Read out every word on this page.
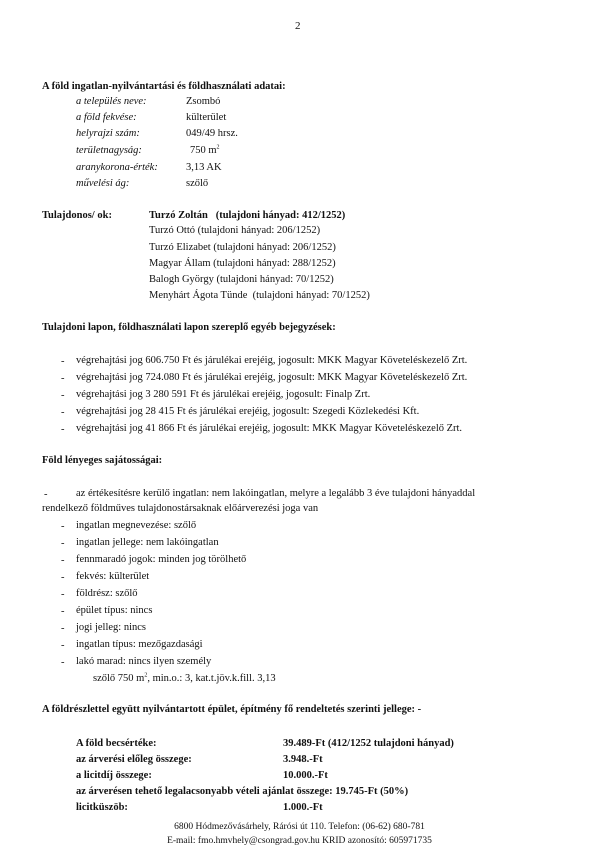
2
A föld ingatlan-nyilvántartási és földhasználati adatai:
a település neve:	Zsombó
a föld fekvése:	külterület
helyrajzi szám:	049/49 hrsz.
területnagyság:	750 $m^2$
aranykorona-érték:	3,13 AK
művelési ág:	szőlő
Tulajdonos/ ok:	Turzó Zoltán   (tulajdoni hányad: 412/1252)
Turzó Ottó (tulajdoni hányad: 206/1252)
Turzó Elizabet (tulajdoni hányad: 206/1252)
Magyar Állam (tulajdoni hányad: 288/1252)
Balogh György (tulajdoni hányad: 70/1252)
Menyhárt Ágota Tünde  (tulajdoni hányad: 70/1252)
Tulajdoni lapon, földhasználati lapon szereplő egyéb bejegyzések:
- végrehajtási jog 606.750 Ft és járulékai erejéig, jogosult: MKK Magyar Követeléskezelő Zrt.
- végrehajtási jog 724.080 Ft és járulékai erejéig, jogosult: MKK Magyar Követeléskezelő Zrt.
- végrehajtási jog 3 280 591 Ft és járulékai erejéig, jogosult: Finalp Zrt.
- végrehajtási jog 28 415 Ft és járulékai erejéig, jogosult: Szegedi Közlekedési Kft.
- végrehajtási jog 41 866 Ft és járulékai erejéig, jogosult: MKK Magyar Követeléskezelő Zrt.
Föld lényeges sajátosságai:
-	az értékesítésre kerülő ingatlan: nem lakóingatlan, melyre a legalább 3 éve tulajdoni hányaddal
rendelkező földműves tulajdonostársaknak előárverezési joga van
- ingatlan megnevezése: szőlő
- ingatlan jellege: nem lakóingatlan
- fennmaradó jogok: minden jog törölhető
- fekvés: külterület
- földrész: szőlő
- épület típus: nincs
- jogi jelleg: nincs
- ingatlan típus: mezőgazdasági
- lakó marad: nincs ilyen személy
szőlő 750 $m^2$, min.o.: 3, kat.t.jöv.k.fill. 3,13
A földrészlettel együtt nyilvántartott épület, építmény fő rendeltetés szerinti jellege: -
A föld becsértéke:	39.489-Ft (412/1252 tulajdoni hányad)
az árverési előleg összege:	3.948.-Ft
a licitdíj összege:	10.000.-Ft
az árverésen tehető legalacsonyabb vételi ajánlat összege: 19.745-Ft (50%)
licitküszöb:	1.000.-Ft
6800 Hódmezővásárhely, Rárósi út 110. Telefon: (06-62) 680-781
E-mail: fmo.hmvhely@csongrad.gov.hu KRID azonosító: 605971735
